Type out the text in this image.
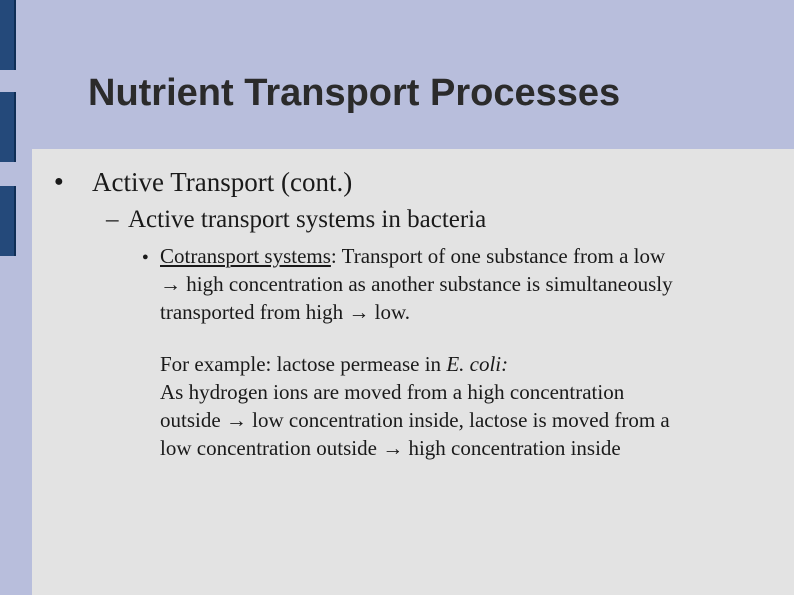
Nutrient Transport Processes
● Active Transport (cont.)
– Active transport systems in bacteria
● Cotransport systems: Transport of one substance from a low
→ high concentration as another substance is simultaneously
transported from high → low.
For example: lactose permease in E. coli:
As hydrogen ions are moved from a high concentration
outside → low concentration inside, lactose is moved from a
low concentration outside → high concentration inside
